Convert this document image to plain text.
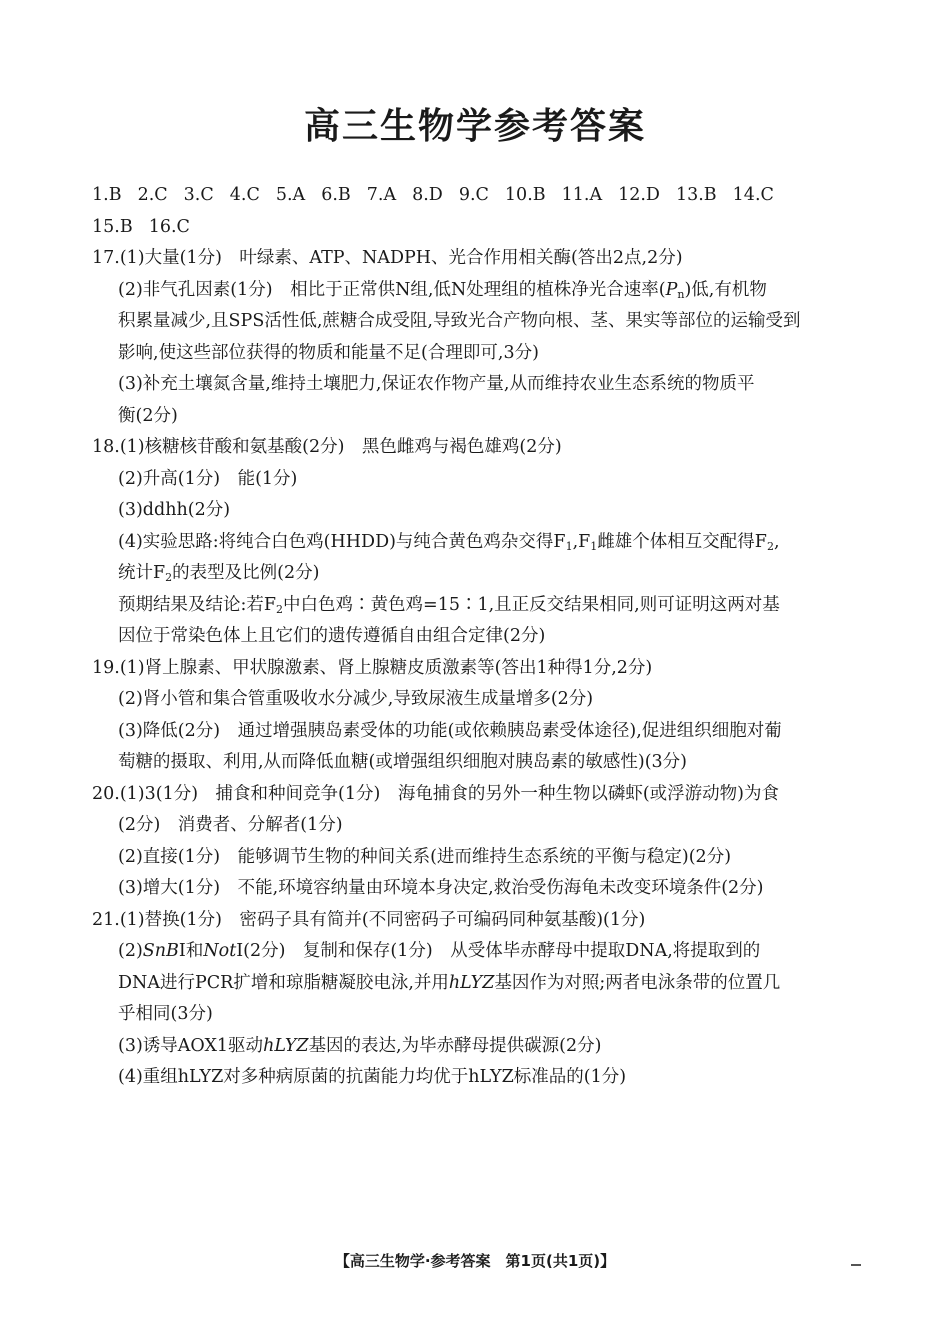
高三生物学参考答案
1.B 2.C 3.C 4.C 5.A 6.B 7.A 8.D 9.C 10.B 11.A 12.D 13.B 14.C
15.B 16.C
17.(1)大量(1分)　叶绿素、ATP、NADPH、光合作用相关酶(答出2点,2分)
(2)非气孔因素(1分)　相比于正常供N组,低N处理组的植株净光合速率$(P_n)$低,有机物
积累量减少,且SPS活性低,蔗糖合成受阻,导致光合产物向根、茎、果实等部位的运输受到
影响,使这些部位获得的物质和能量不足(合理即可,3分)
(3)补充土壤氮含量,维持土壤肥力,保证农作物产量,从而维持农业生态系统的物质平
衡(2分)
18.(1)核糖核苷酸和氨基酸(2分)　黑色雌鸡与褐色雄鸡(2分)
(2)升高(1分)　能(1分)
(3)ddhh(2分)
(4)实验思路:将纯合白色鸡(HHDD)与纯合黄色鸡杂交得$F_1,F_1$雌雄个体相互交配得$F_2$,
统计$F_2$的表型及比例(2分)
预期结果及结论:若$F_2$中白色鸡∶黄色鸡=15∶1,且正反交结果相同,则可证明这两对基
因位于常染色体上且它们的遗传遵循自由组合定律(2分)
19.(1)肾上腺素、甲状腺激素、肾上腺糖皮质激素等(答出1种得1分,2分)
(2)肾小管和集合管重吸收水分减少,导致尿液生成量增多(2分)
(3)降低(2分)　通过增强胰岛素受体的功能(或依赖胰岛素受体途径),促进组织细胞对葡
萄糖的摄取、利用,从而降低血糖(或增强组织细胞对胰岛素的敏感性)(3分)
20.(1)3(1分)　捕食和种间竞争(1分)　海龟捕食的另外一种生物以磷虾(或浮游动物)为食
(2分)　消费者、分解者(1分)
(2)直接(1分)　能够调节生物的种间关系(进而维持生态系统的平衡与稳定)(2分)
(3)增大(1分)　不能,环境容纳量由环境本身决定,救治受伤海龟未改变环境条件(2分)
21.(1)替换(1分)　密码子具有简并(不同密码子可编码同种氨基酸)(1分)
(2)SnBⅠ和NotⅠ(2分)　复制和保存(1分)　从受体毕赤酵母中提取DNA,将提取到的
DNA进行PCR扩增和琼脂糖凝胶电泳,并用hLYZ基因作为对照;两者电泳条带的位置几
乎相同(3分)
(3)诱导AOX1驱动hLYZ基因的表达,为毕赤酵母提供碳源(2分)
(4)重组hLYZ对多种病原菌的抗菌能力均优于hLYZ标准品的(1分)
【高三生物学·参考答案　第1页(共1页)】
